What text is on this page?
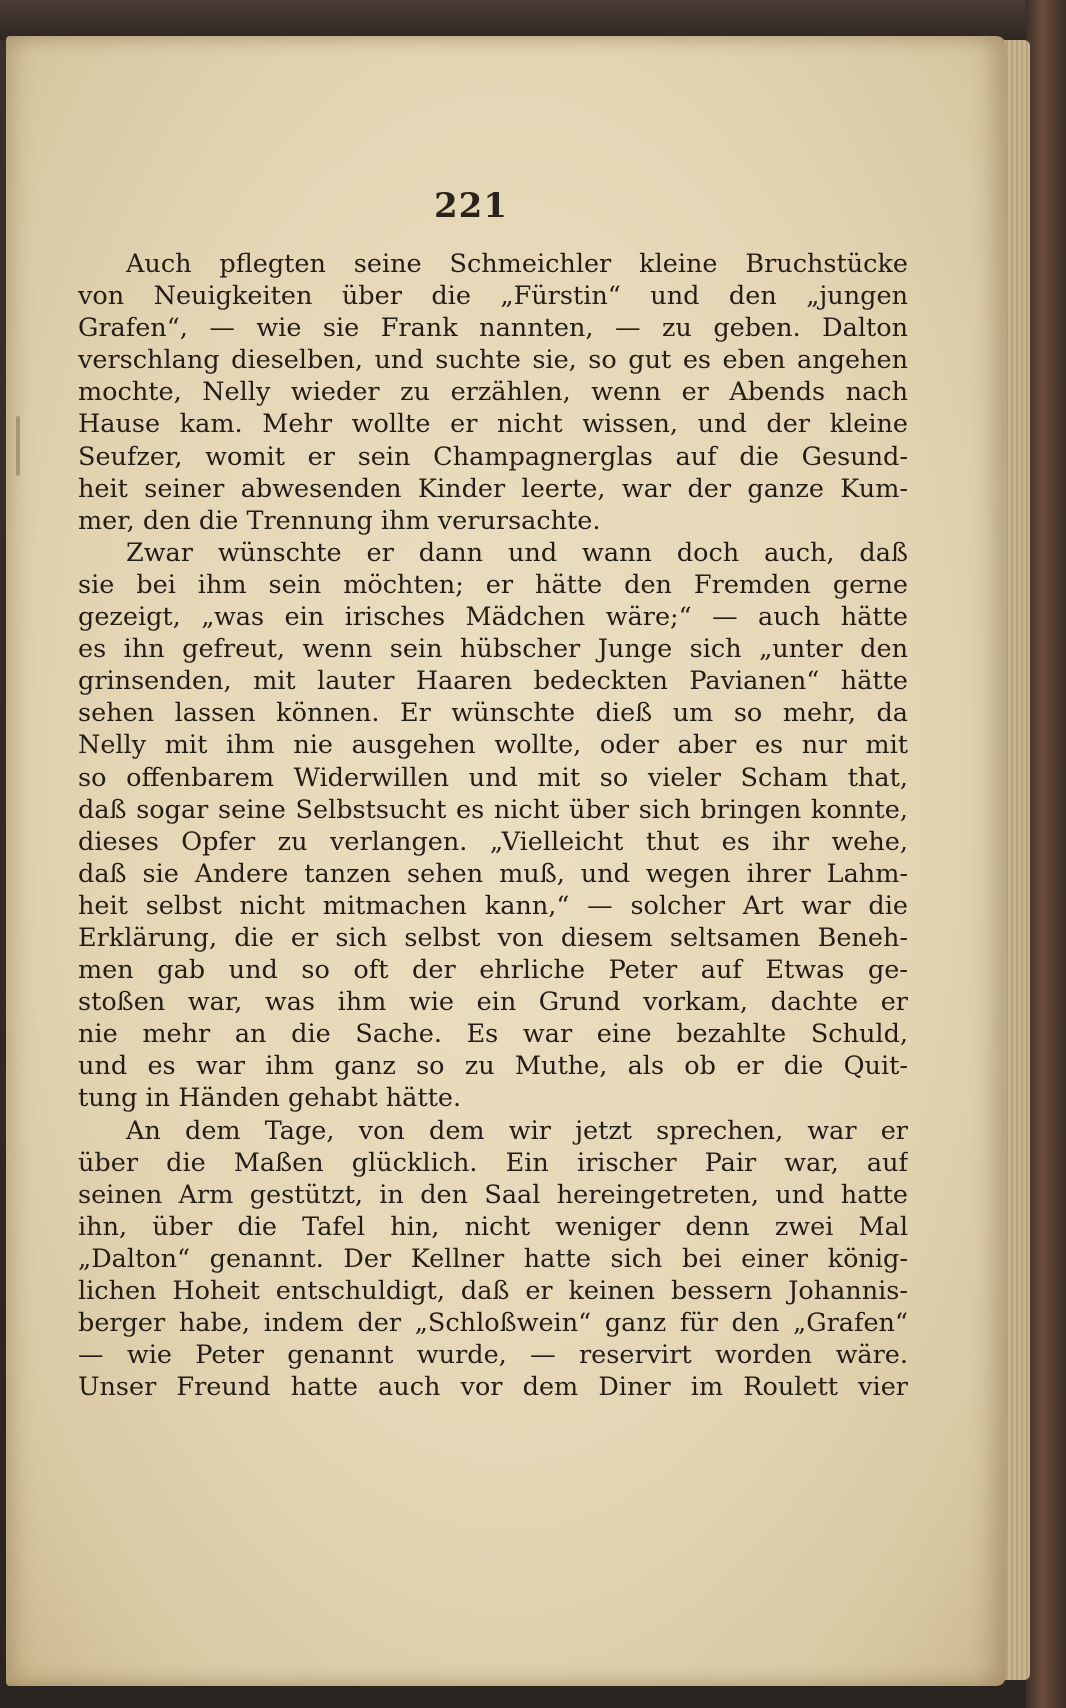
221
Auch pflegten seine Schmeichler kleine Bruchstücke
von Neuigkeiten über die „Fürstin“ und den „jungen
Grafen“, — wie sie Frank nannten, — zu geben. Dalton
verschlang dieselben, und suchte sie, so gut es eben angehen
mochte, Nelly wieder zu erzählen, wenn er Abends nach
Hause kam. Mehr wollte er nicht wissen, und der kleine
Seufzer, womit er sein Champagnerglas auf die Gesund-
heit seiner abwesenden Kinder leerte, war der ganze Kum-
mer, den die Trennung ihm verursachte.
Zwar wünschte er dann und wann doch auch, daß
sie bei ihm sein möchten; er hätte den Fremden gerne
gezeigt, „was ein irisches Mädchen wäre;“ — auch hätte
es ihn gefreut, wenn sein hübscher Junge sich „unter den
grinsenden, mit lauter Haaren bedeckten Pavianen“ hätte
sehen lassen können. Er wünschte dieß um so mehr, da
Nelly mit ihm nie ausgehen wollte, oder aber es nur mit
so offenbarem Widerwillen und mit so vieler Scham that,
daß sogar seine Selbstsucht es nicht über sich bringen konnte,
dieses Opfer zu verlangen. „Vielleicht thut es ihr wehe,
daß sie Andere tanzen sehen muß, und wegen ihrer Lahm-
heit selbst nicht mitmachen kann,“ — solcher Art war die
Erklärung, die er sich selbst von diesem seltsamen Beneh-
men gab und so oft der ehrliche Peter auf Etwas ge-
stoßen war, was ihm wie ein Grund vorkam, dachte er
nie mehr an die Sache. Es war eine bezahlte Schuld,
und es war ihm ganz so zu Muthe, als ob er die Quit-
tung in Händen gehabt hätte.
An dem Tage, von dem wir jetzt sprechen, war er
über die Maßen glücklich. Ein irischer Pair war, auf
seinen Arm gestützt, in den Saal hereingetreten, und hatte
ihn, über die Tafel hin, nicht weniger denn zwei Mal
„Dalton“ genannt. Der Kellner hatte sich bei einer könig-
lichen Hoheit entschuldigt, daß er keinen bessern Johannis-
berger habe, indem der „Schloßwein“ ganz für den „Grafen“
— wie Peter genannt wurde, — reservirt worden wäre.
Unser Freund hatte auch vor dem Diner im Roulett vier
